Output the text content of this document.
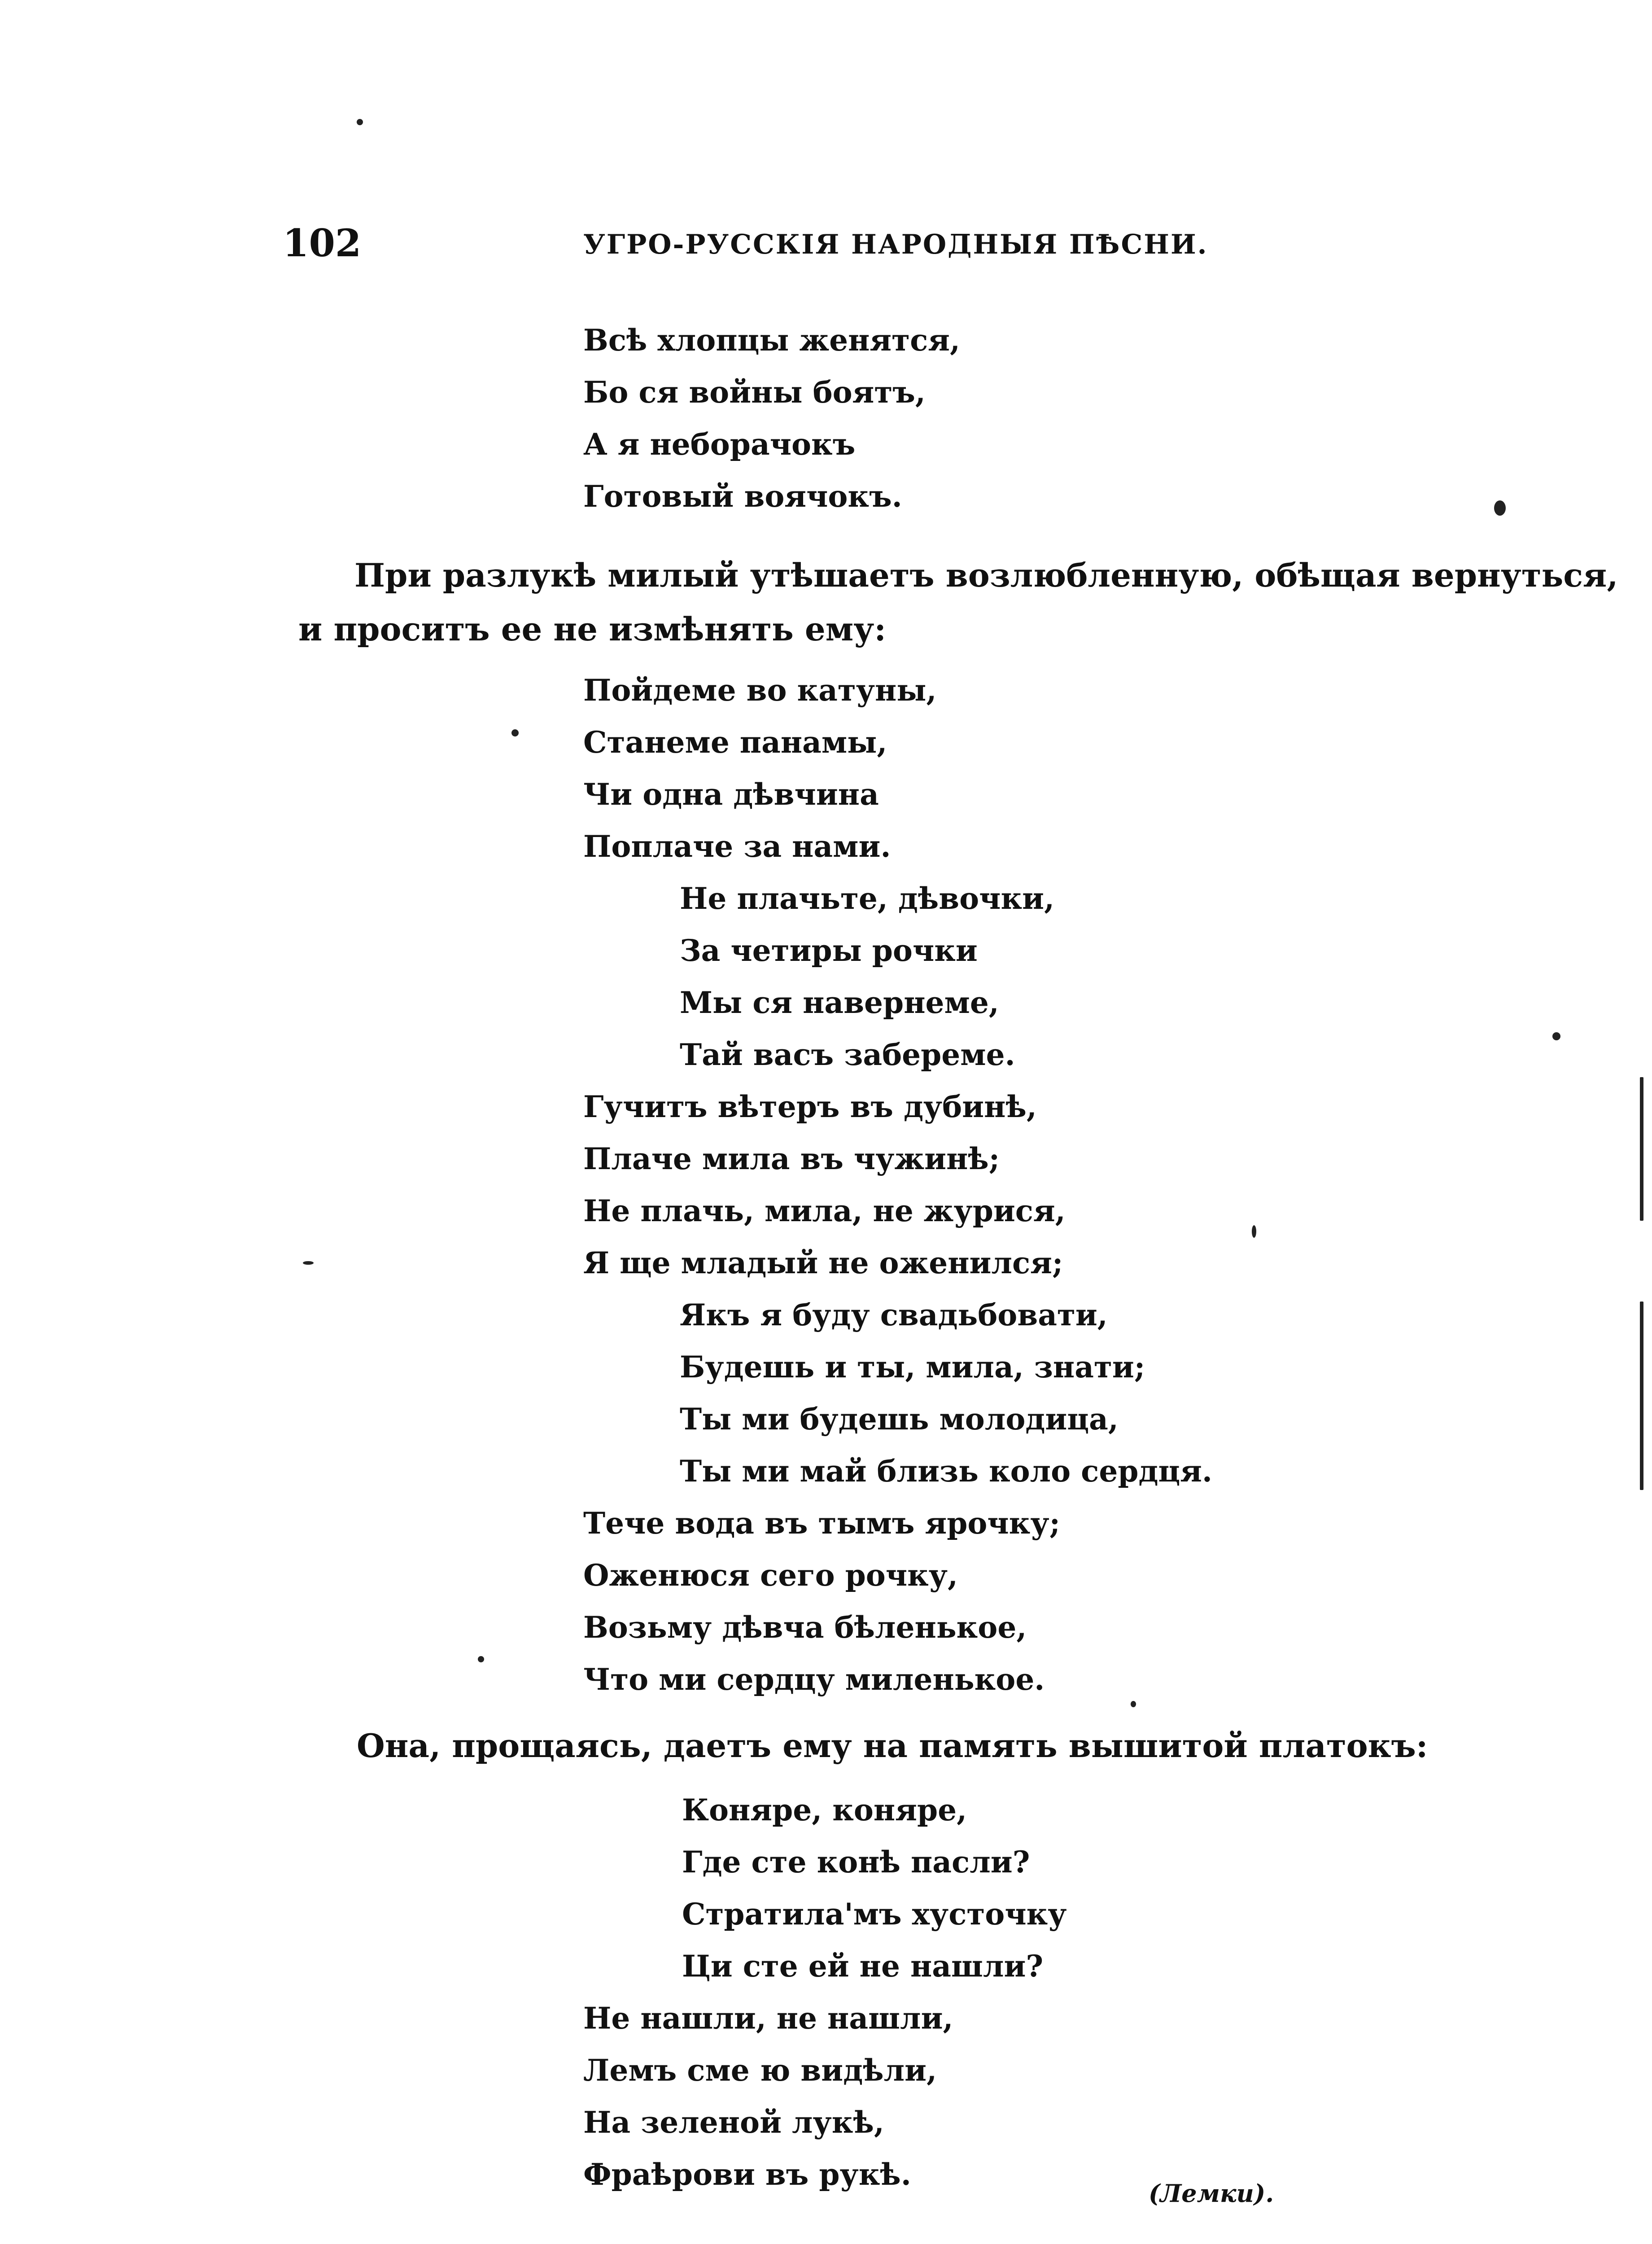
102	УГРО-РУССКІЯ НАРОДНЫЯ ПѢСНИ.
Всѣ хлопцы женятся,
Бо ся войны боятъ,
А я неборачокъ
Готовый воячокъ.

При разлукѣ милый утѣшаетъ возлюбленную, обѣщая вернуться,

и проситъ ее не измѣнять ему:

Пойдеме во катуны,
Станеме панамы,
Чи одна дѣвчина
Поплаче за нами.
Не плачьте, дѣвочки,
За четиры рочки
Мы ся навернеме,
Тай васъ забереме.
Гучитъ вѣтеръ въ дубинѣ,
Плаче мила въ чужинѣ;
Не плачь, мила, не журися,
Я ще младый не оженился;
Якъ я буду свадьбовати,
Будешь и ты, мила, знати;
Ты ми будешь молодица,
Ты ми май близь коло сердця.
Тече вода въ тымъ ярочку;
Оженюся сего рочку,
Возьму дѣвча бѣленькое,
Что ми сердцу миленькое.

Она, прощаясь, даетъ ему на память вышитой платокъ:

Коняре, коняре,
Где сте конѣ пасли?
Стратила'мъ хусточку
Ци сте ей не нашли?
Не нашли, не нашли,
Лемъ сме ю видѣли,
На зеленой лукѣ,
Фраѣрови въ рукѣ.
(Лемки).
